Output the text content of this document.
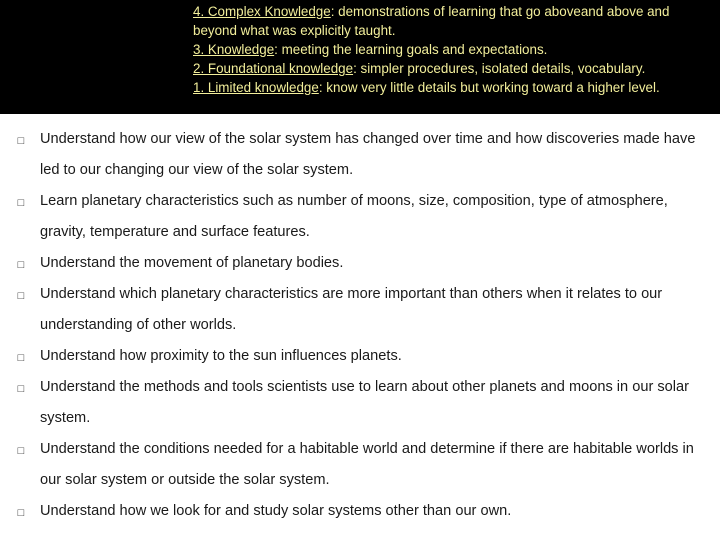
4. Complex Knowledge: demonstrations of learning that go aboveand above and beyond what was explicitly taught.

3. Knowledge: meeting the learning goals and expectations.

2. Foundational knowledge: simpler procedures, isolated details, vocabulary.

1. Limited knowledge: know very little details but working toward a higher level.

□
Understand how our view of the solar system has changed over time and how discoveries made have led to our changing our view of the solar system.
□
Learn planetary characteristics such as number of moons, size, composition, type of atmosphere, gravity, temperature and surface features.
□
Understand the movement of planetary bodies.
□
Understand which planetary characteristics are more important than others when it relates to our understanding of other worlds.
□
Understand how proximity to the sun influences planets.
□
Understand the methods and tools scientists use to learn about other planets and moons in our solar system.
□
Understand the conditions needed for a habitable world and determine if there are habitable worlds in our solar system or outside the solar system.
□
Understand how we look for and study solar systems other than our own.
